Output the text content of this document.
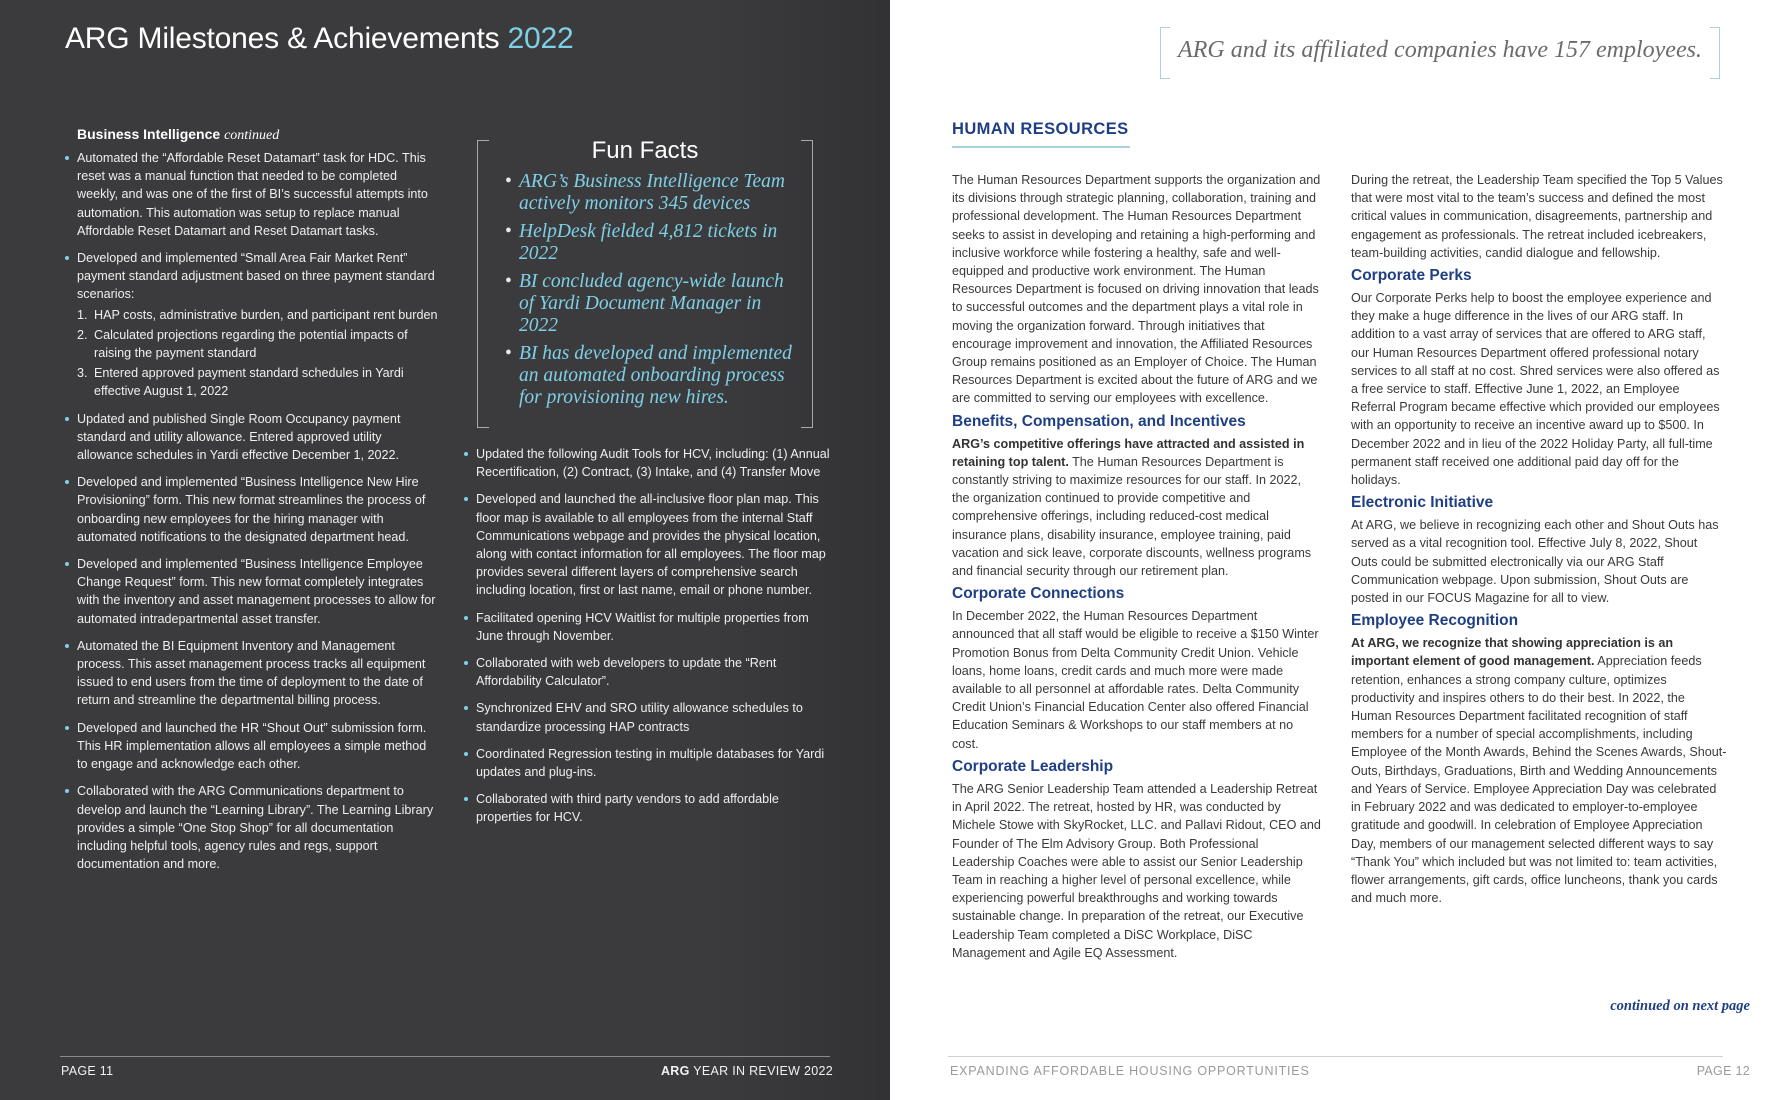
ARG Milestones & Achievements 2022
Business Intelligence continued
Automated the “Affordable Reset Datamart” task for HDC. This reset was a manual function that needed to be completed weekly, and was one of the first of BI’s successful attempts into automation. This automation was setup to replace manual Affordable Reset Datamart and Reset Datamart tasks.
Developed and implemented “Small Area Fair Market Rent” payment standard adjustment based on three payment standard scenarios:
1. HAP costs, administrative burden, and participant rent burden
2. Calculated projections regarding the potential impacts of raising the payment standard
3. Entered approved payment standard schedules in Yardi effective August 1, 2022
Updated and published Single Room Occupancy payment standard and utility allowance. Entered approved utility allowance schedules in Yardi effective December 1, 2022.
Developed and implemented “Business Intelligence New Hire Provisioning” form. This new format streamlines the process of onboarding new employees for the hiring manager with automated notifications to the designated department head.
Developed and implemented “Business Intelligence Employee Change Request” form. This new format completely integrates with the inventory and asset management processes to allow for automated intradepartmental asset transfer.
Automated the BI Equipment Inventory and Management process. This asset management process tracks all equipment issued to end users from the time of deployment to the date of return and streamline the departmental billing process.
Developed and launched the HR “Shout Out” submission form. This HR implementation allows all employees a simple method to engage and acknowledge each other.
Collaborated with the ARG Communications department to develop and launch the “Learning Library”. The Learning Library provides a simple “One Stop Shop” for all documentation including helpful tools, agency rules and regs, support documentation and more.
Fun Facts
• ARG’s Business Intelligence Team actively monitors 345 devices
• HelpDesk fielded 4,812 tickets in 2022
• BI concluded agency-wide launch of Yardi Document Manager in 2022
• BI has developed and implemented an automated onboarding process for provisioning new hires.
Updated the following Audit Tools for HCV, including: (1) Annual Recertification, (2) Contract, (3) Intake, and (4) Transfer Move
Developed and launched the all-inclusive floor plan map. This floor map is available to all employees from the internal Staff Communications webpage and provides the physical location, along with contact information for all employees. The floor map provides several different layers of comprehensive search including location, first or last name, email or phone number.
Facilitated opening HCV Waitlist for multiple properties from June through November.
Collaborated with web developers to update the “Rent Affordability Calculator”.
Synchronized EHV and SRO utility allowance schedules to standardize processing HAP contracts
Coordinated Regression testing in multiple databases for Yardi updates and plug-ins.
Collaborated with third party vendors to add affordable properties for HCV.
PAGE 11	ARG YEAR IN REVIEW 2022
ARG and its affiliated companies have 157 employees.
HUMAN RESOURCES

The Human Resources Department supports the organization and its divisions through strategic planning, collaboration, training and professional development. The Human Resources Department seeks to assist in developing and retaining a high-performing and inclusive workforce while fostering a healthy, safe and well-equipped and productive work environment. The Human Resources Department is focused on driving innovation that leads to successful outcomes and the department plays a vital role in moving the organization forward. Through initiatives that encourage improvement and innovation, the Affiliated Resources Group remains positioned as an Employer of Choice. The Human Resources Department is excited about the future of ARG and we are committed to serving our employees with excellence.

Benefits, Compensation, and Incentives

ARG’s competitive offerings have attracted and assisted in retaining top talent. The Human Resources Department is constantly striving to maximize resources for our staff. In 2022, the organization continued to provide competitive and comprehensive offerings, including reduced-cost medical insurance plans, disability insurance, employee training, paid vacation and sick leave, corporate discounts, wellness programs and financial security through our retirement plan.

Corporate Connections

In December 2022, the Human Resources Department announced that all staff would be eligible to receive a $150 Winter Promotion Bonus from Delta Community Credit Union. Vehicle loans, home loans, credit cards and much more were made available to all personnel at affordable rates. Delta Community Credit Union’s Financial Education Center also offered Financial Education Seminars & Workshops to our staff members at no cost.

Corporate Leadership

The ARG Senior Leadership Team attended a Leadership Retreat in April 2022. The retreat, hosted by HR, was conducted by Michele Stowe with SkyRocket, LLC. and Pallavi Ridout, CEO and Founder of The Elm Advisory Group. Both Professional Leadership Coaches were able to assist our Senior Leadership Team in reaching a higher level of personal excellence, while experiencing powerful breakthroughs and working towards sustainable change. In preparation of the retreat, our Executive Leadership Team completed a DiSC Workplace, DiSC Management and Agile EQ Assessment.

During the retreat, the Leadership Team specified the Top 5 Values that were most vital to the team’s success and defined the most critical values in communication, disagreements, partnership and engagement as professionals. The retreat included icebreakers, team-building activities, candid dialogue and fellowship.

Corporate Perks

Our Corporate Perks help to boost the employee experience and they make a huge difference in the lives of our ARG staff. In addition to a vast array of services that are offered to ARG staff, our Human Resources Department offered professional notary services to all staff at no cost. Shred services were also offered as a free service to staff. Effective June 1, 2022, an Employee Referral Program became effective which provided our employees with an opportunity to receive an incentive award up to $500. In December 2022 and in lieu of the 2022 Holiday Party, all full-time permanent staff received one additional paid day off for the holidays.

Electronic Initiative

At ARG, we believe in recognizing each other and Shout Outs has served as a vital recognition tool. Effective July 8, 2022, Shout Outs could be submitted electronically via our ARG Staff Communication webpage. Upon submission, Shout Outs are posted in our FOCUS Magazine for all to view.

Employee Recognition

At ARG, we recognize that showing appreciation is an important element of good management. Appreciation feeds retention, enhances a strong company culture, optimizes productivity and inspires others to do their best. In 2022, the Human Resources Department facilitated recognition of staff members for a number of special accomplishments, including Employee of the Month Awards, Behind the Scenes Awards, Shout-Outs, Birthdays, Graduations, Birth and Wedding Announcements and Years of Service. Employee Appreciation Day was celebrated in February 2022 and was dedicated to employer-to-employee gratitude and goodwill. In celebration of Employee Appreciation Day, members of our management selected different ways to say “Thank You” which included but was not limited to: team activities, flower arrangements, gift cards, office luncheons, thank you cards and much more.

continued on next page
EXPANDING AFFORDABLE HOUSING OPPORTUNITIES	PAGE 12
